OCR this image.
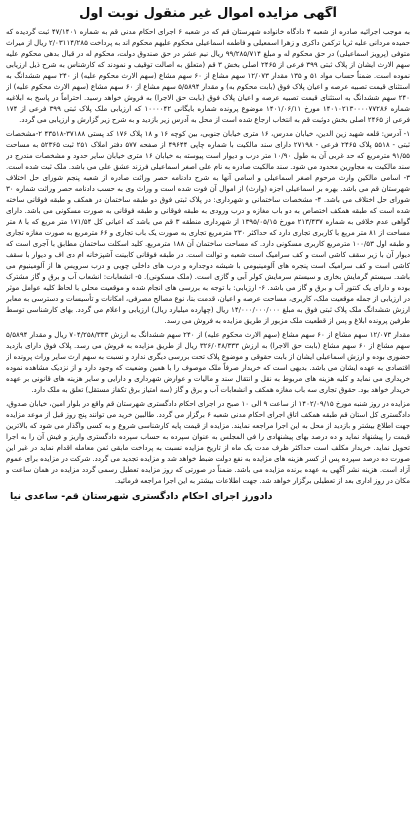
آگهی مزایده اموال غیر منقول نوبت اول

به موجب اجرائیه صادره از شعبه ۴ دادگاه خانواده شهرستان قم که در شعبه ۶ اجرای احکام مدنی قم به شماره ۴۷/۱۴۰۱ ثبت گردیده که حمیده مردانی علیه ثریا ترکمن داکری و زهرا اسمعیلی و فاطمه اسماعیلی محکوم علیهم محکوم اند به پرداخت ۲/۰۳۱۱۴/۲۸۵ ریال از میراث متوفی (پرویز اسماعیلی) در حق محکوم له و مبلغ ۹۹/۲۸۵/۷۱۴ ریال نیم عشر در حق صندوق دولت، محکوم له در قبال بدهی محکوم علیه سهم الارث ایشان از پلاک ثبتی ۳۹۹ فرعی از ۲۴۶۵ اصلی بخش ۳ قم (متعلق به اصالت توقیف و نمودند که کارشناس به شرح ذیل ارزیابی نموده است. ضمناً حساب مواد ۵۱ و ۱۳۵ مقدار ۱۲/۰۷۳ سهم مشاع از ۶۰ سهم مشاع (سهم الارث محکوم علیه) از ۲۴۰ سهم ششدانگ به استثنای قیمت تصبیه عرصه و اعیان پلاک فوق (بابت محکوم به) و مقدار ۵/۵۸۹۴ سهم مشاع از ۶۰ سهم مشاع (سهم الارث محکوم علیه) از ۲۴۰ سهم ششدانگ به استثنای قیمت تصبیه عرصه و اعیان پلاک فوق (بابت حق الاجرا) به فروش خواهد رسید. احتراماً در پاسخ به ابلاغیه شماره ۱۴۰۱۰۲۱۳۰۰۰۰۷۷۲۸۶ مورخ ۱۴۰۱/۰۶/۱۱ موضوع پرونده شماره بایگانی ۱۰۰۰۰۴۲ که ارزیابی ملک پلاک ثبتی ۳۹۹ فرعی از ۱۷۴ فرعی از ۲۴۶۵ اصلی بخش دوثبت قم به انتخاب ارجاع شده است از محل به آدرس زیر بازدید و به شرح زیر گزارش و ارزیابی می گردد.

۱- آدرس: قلعه شهید زین الدین، خیابان مدرس، ۱۶ متری خیابان جنوبی، بین کوچه ۱۶ و ۱۸ پلاک ۱۷۶ کد پستی ۳۷۱۸۸-۴۳۵۱۸ ۲-مشخصات ثبتی - ۵۵۱۸ پلاک ۲۴۶۵ فرعی - ۲۷۱۹۸ دارای سند مالکیت با شماره چاپی ۴۹۶۴۴ از صفحه ۵۷۷ دفتر املاک ۲۵۱ ثبت ۵۲۳۶۵ به مساحت ۹۱/۵۵ مترمربع که حد غربی آن به طول ۱۰/۹۰ متر درب و دیوار است پیوسته به خیابان ۱۶ متری خیابان سایر حدود و مشخصات مندرج در سند مالکیت به مجاورین محدود می شود. سند مالکیت صادره به نام علی اصغر اسماعیلی فرزند عشق علی می باشد. ملک ثبت شده است. ۳- اسامی مالکین وارث مرحوم اصغر اسماعیلی و اسامی آنها به شرح دادنامه حصر وراثت صادره از شعبه پنجم شورای حل اختلاف شهرستان قم می باشد. بهره بر اسماعیلی اجزه (وارث) از اموال آن فوت شده است و وراث وی به حسب دادنامه حصر وراثت شماره ۳۰ شورای حل اختلاف می باشد. ۴- مشخصات ساختمانی و شهرداری: در پلاک ثبتی فوق دو طبقه ساختمان در همکف و طبقه فوقانی ساخته شده است که طبقه همکف اختصاص به دو باب مغازه و درب ورودی به طبقه فوقانی و طبقه فوقانی به صورت مسکونی می باشد. دارای گواهی عدم خلافی به شماره ۲۱۳/۴۳۷ مورخ ۱۳۹۵/۰۵/۱۵ از شهرداری منطقه ۳ قم می باشد که اعیانی کل ۱۷۱/۵۴ متر مربع که با ۸ متر مساحت از ۸۱ متر مربع با کاربری تجاری دارد که حداکثر ۲۳۰ مترمربع تجاری به صورت یک باب تجاری و ۶۶ مترمربع به صورت مغازه تجاری و طبقه اول ۱۰۰/۵۳ مترمربع کاربری مسکونی دارد. که مساحت ساختمان آن ۱۸۸ مترمربع. کلید اسکلت ساختمان مطابق با آجری است که دیوار آن با زیر سقف کاشی است و کف سرامیک است شعبه و توالت است. در طبقه فوقانی کابینت آشپزخانه ام دی اف و دیوار با سقف کاشی است و کف سرامیک است پنجره های آلومینیومی با شیشه دوجداره و درب های داخلی چوبی و درب سرویس ها از آلومینیوم می باشد. سیستم گرمایش بخاری و سیستم سرمایش کولر آبی و گازی است. (ملک مسکونی). ۵- انشعابات: انشعاب آب و برق و گاز مشترک بوده و دارای یک کنتور آب و برق و گاز می باشد. ۶- ارزیابی: با توجه به بررسی های انجام شده و موقعیت محلی با لحاظ کلیه عوامل موثر در ارزیابی از جمله موقعیت ملک، کاربری، مساحت عرصه و اعیان، قدمت بنا، نوع مصالح مصرفی، امکانات و تأسیسات و دسترسی به معابر ارزش ششدانگ ملک پلاک ثبتی فوق به مبلغ ۱۴/۰۰۰/۰۰۰/۰۰۰ ریال (چهارده میلیارد ریال) ارزیابی و اعلام می گردد. بهای کارشناسی توسط طرفین پرونده ابلاغ و پس از قطعیت ملک مزبور از طریق مزایده به فروش می رسد.

مقدار ۱۲/۰۷۳ سهم مشاع از ۶۰ سهم مشاع (سهم الارث محکوم علیه) از ۲۴۰ سهم ششدانگ به ارزش ۷۰۴/۲۵۸/۳۳۳ ریال و مقدار ۵/۵۸۹۴ سهم مشاع از ۶۰ سهم مشاع (بابت حق الاجرا) به ارزش ۳۲۶/۰۴۸/۳۳۳ ریال از طریق مزایده به فروش می رسد. پلاک فوق دارای بازدید حضوری بوده و ارزش اسماعیلی ایشان از بابت حقوقی و موضوع پلاک تحت بررسی دیگری ندارد و نسبت به سهم ارث سایر وراث پرونده از اقتصادی به عهده ایشان می باشد. بدیهی است که خریدار صرفاً ملک موصوف را با همین وضعیت که وجود دارد و از نزدیک مشاهده نموده خریداری می نماید و کلیه هزینه های مربوط به نقل و انتقال سند و مالیات و عوارض شهرداری و دارایی و سایر هزینه های قانونی بر عهده خریدار خواهد بود. حقوق تجاری سه باب مغازه همکف و انشعابات آب و برق و گاز (سه امتیاز برق تکفاز مستقل) تعلق به ملک دارد.

مزایده در روز شنبه مورخ ۱۴۰۲/۰۹/۱۵ از ساعت ۹ الی ۱۰ صبح در اجرای احکام دادگستری شهرستان قم واقع در بلوار امین، خیابان صدوق، دادگستری کل استان قم طبقه همکف اتاق اجرای احکام مدنی شعبه ۶ برگزار می گردد. طالبین خرید می توانند پنج روز قبل از موعد مزایده جهت اطلاع بیشتر و بازدید از محل به این اجرا مراجعه نمایند. مزایده از قیمت پایه کارشناسی شروع و به کسی واگذار می شود که بالاترین قیمت را پیشنهاد نماید و ده درصد بهای پیشنهادی را فی المجلس به عنوان سپرده به حساب سپرده دادگستری واریز و فیش آن را به اجرا تحویل نماید. خریدار مکلف است حداکثر ظرف مدت یک ماه از تاریخ مزایده نسبت به پرداخت مابقی ثمن معامله اقدام نماید در غیر این صورت ده درصد سپرده پس از کسر هزینه های مزایده به نفع دولت ضبط خواهد شد و مزایده تجدید می گردد. شرکت در مزایده برای عموم آزاد است. هزینه نشر آگهی به عهده برنده مزایده می باشد. ضمناً در صورتی که روز مزایده تعطیل رسمی گردد مزایده در همان ساعت و مکان در روز اداری بعد از تعطیلی برگزار خواهد شد. جهت اطلاعات بیشتر به این اجرا مراجعه فرمائید.

دادورز اجرای احکام دادگستری شهرستان قم- ساعدی نیا
